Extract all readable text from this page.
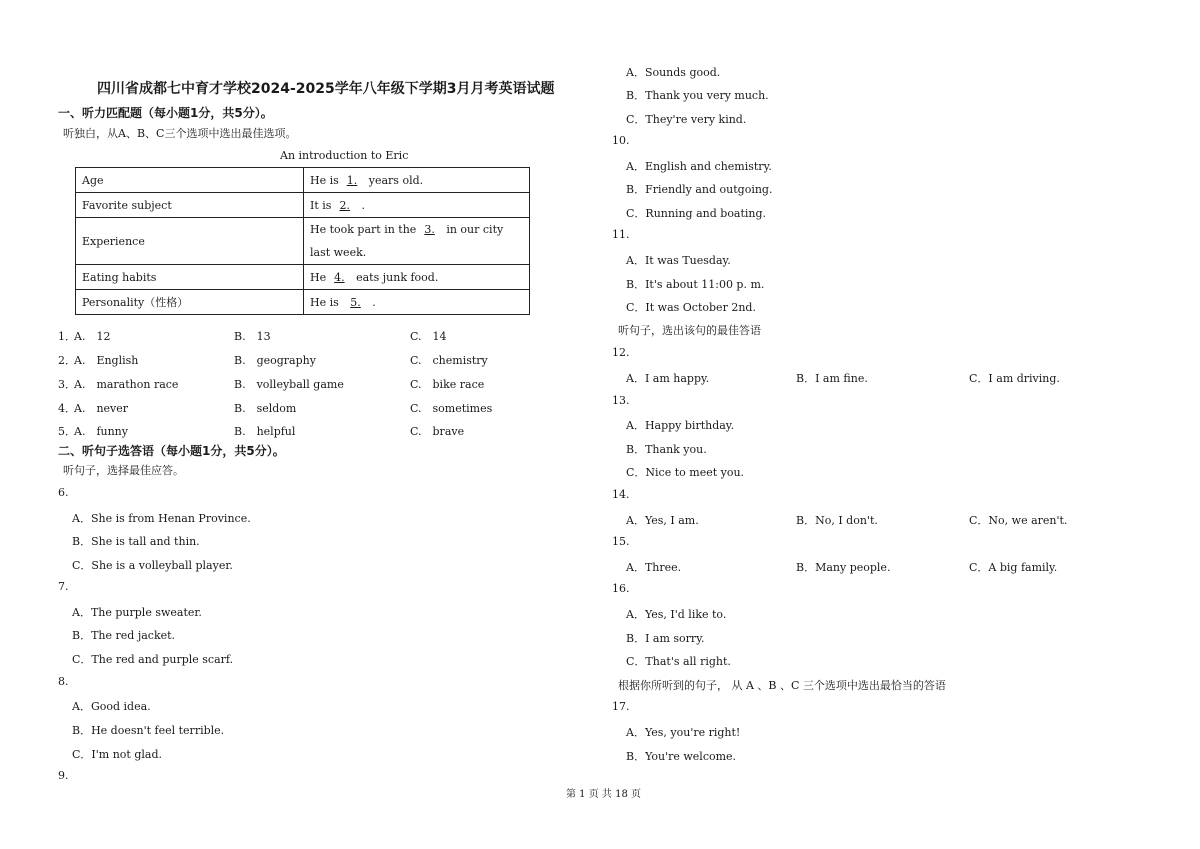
四川省成都七中育才学校2024-2025学年八年级下学期3月月考英语试题
一、听力匹配题（每小题1分，共5分）。
听独白，从A、B、C三个选项中选出最佳选项。
An introduction to Eric
Age	He is 1. years old.
Favorite subject	It is 2. .
Experience	He took part in the 3. in our city last week.
Eating habits	He 4. eats junk food.
Personality（性格）	He is 5. .
1．
A.　12	B.　13	C.　14
2．
A.　English	B.　geography	C.　chemistry
3．
A.　marathon race	B.　volleyball game	C.　bike race
4．
A.　never	B.　seldom	C.　sometimes
5．
A.　funny	B.　helpful	C.　brave
二、听句子选答语（每小题1分，共5分）。
听句子，选择最佳应答。
6.
A．She is from Henan Province.
B．She is tall and thin.
C．She is a volleyball player.
7.
A．The purple sweater.
B．The red jacket.
C．The red and purple scarf.
8.
A．Good idea.
B．He doesn't feel terrible.
C．I'm not glad.
9.
A．Sounds good.
B．Thank you very much.
C．They're very kind.
10.
A．English and chemistry.
B．Friendly and outgoing.
C．Running and boating.
11.
A．It was Tuesday.
B．It's about 11:00 p. m.
C．It was October 2nd.
听句子，选出该句的最佳答语
12.
A．I am happy.	B．I am fine.	C．I am driving.
13.
A．Happy birthday.
B．Thank you.
C．Nice to meet you.
14.
A．Yes, I am.	B．No, I don't.	C．No, we aren't.
15.
A．Three.	B．Many people.	C．A big family.
16.
A．Yes, I'd like to.
B．I am sorry.
C．That's all right.
根据你所听到的句子， 从 A 、B 、C 三个选项中选出最恰当的答语
17.
A．Yes, you're right!
B．You're welcome.
第 1 页 共 18 页
